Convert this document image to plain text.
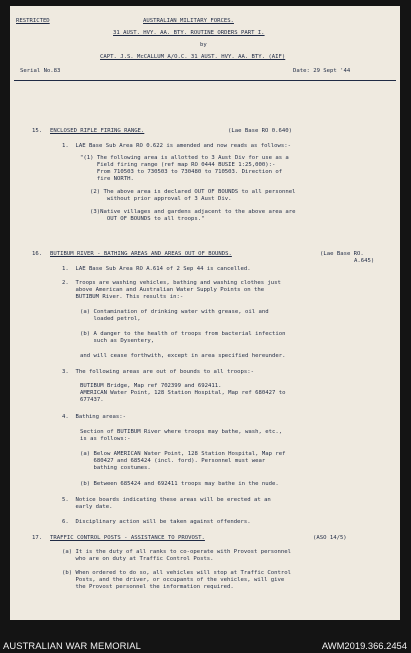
RESTRICTED	AUSTRALIAN MILITARY FORCES.
31 AUST. HVY. AA. BTY. ROUTINE ORDERS PART I.
by
CAPT. J.S. McCALLUM A/O.C. 31 AUST. HVY. AA. BTY. (AIF)
Serial No.83	Date: 29 Sept '44
15. ENCLOSED RIFLE FIRING RANGE.	(Lae Base RO 0.640)
1.  LAE Base Sub Area RO 0.622 is amended and now reads as follows:-
"(1) The following area is allotted to 3 Aust Div for use as a
Field firing range (ref map RO 0444 BUSIE 1:25,000):-
From 710503 to 730503 to 730480 to 710503. Direction of
fire NORTH.
(2) The above area is declared OUT OF BOUNDS to all personnel
without prior approval of 3 Aust Div.
(3)Native villages and gardens adjacent to the above area are
OUT OF BOUNDS to all troops."
16. BUTIBUM RIVER - BATHING AREAS AND AREAS OUT OF BOUNDS.	(Lae Base RO.
A.645)
1.  LAE Base Sub Area RO A.614 of 2 Sep 44 is cancelled.
2.  Troops are washing vehicles, bathing and washing clothes just
above American and Australian Water Supply Points on the
BUTIBUM River. This results in:-
(a) Contamination of drinking water with grease, oil and
loaded petrol,
(b) A danger to the health of troops from bacterial infection
such as Dysentery,
and will cease forthwith, except in area specified hereunder.
3.  The following areas are out of bounds to all troops:-
BUTIBUM Bridge, Map ref 702399 and 692411.
AMERICAN Water Point, 128 Station Hospital, Map ref 680427 to
677437.
4.  Bathing areas:-
Section of BUTIBUM River where troops may bathe, wash, etc.,
is as follows:-
(a) Below AMERICAN Water Point, 128 Station Hospital, Map ref
680427 and 685424 (incl. ford). Personnel must wear
bathing costumes.
(b) Between 685424 and 692411 troops may bathe in the nude.
5.  Notice boards indicating these areas will be erected at an
early date.
6.  Disciplinary action will be taken against offenders.
17. TRAFFIC CONTROL POSTS - ASSISTANCE TO PROVOST.	(ASO 14/5)
(a) It is the duty of all ranks to co-operate with Provost personnel
who are on duty at Traffic Control Posts.
(b) When ordered to do so, all vehicles will stop at Traffic Control
Posts, and the driver, or occupants of the vehicles, will give
the Provost personnel the information required.
AUSTRALIAN WAR MEMORIAL	AWM2019.366.2454
